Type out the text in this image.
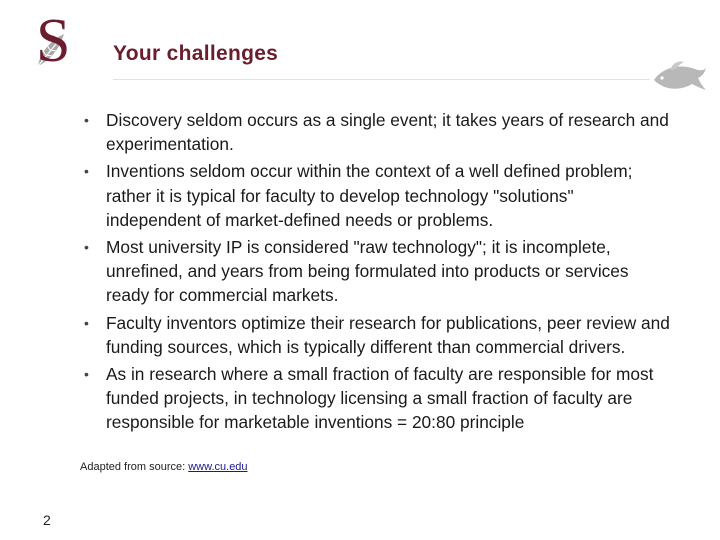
S Your challenges
• Discovery seldom occurs as a single event; it takes years of research and experimentation.
• Inventions seldom occur within the context of a well defined problem; rather it is typical for faculty to develop technology "solutions" independent of market-defined needs or problems.
• Most university IP is considered "raw technology"; it is incomplete, unrefined, and years from being formulated into products or services ready for commercial markets.
• Faculty inventors optimize their research for publications, peer review and funding sources, which is typically different than commercial drivers.
• As in research where a small fraction of faculty are responsible for most funded projects, in technology licensing a small fraction of faculty are responsible for marketable inventions = 20:80 principle
Adapted from source: www.cu.edu
2
